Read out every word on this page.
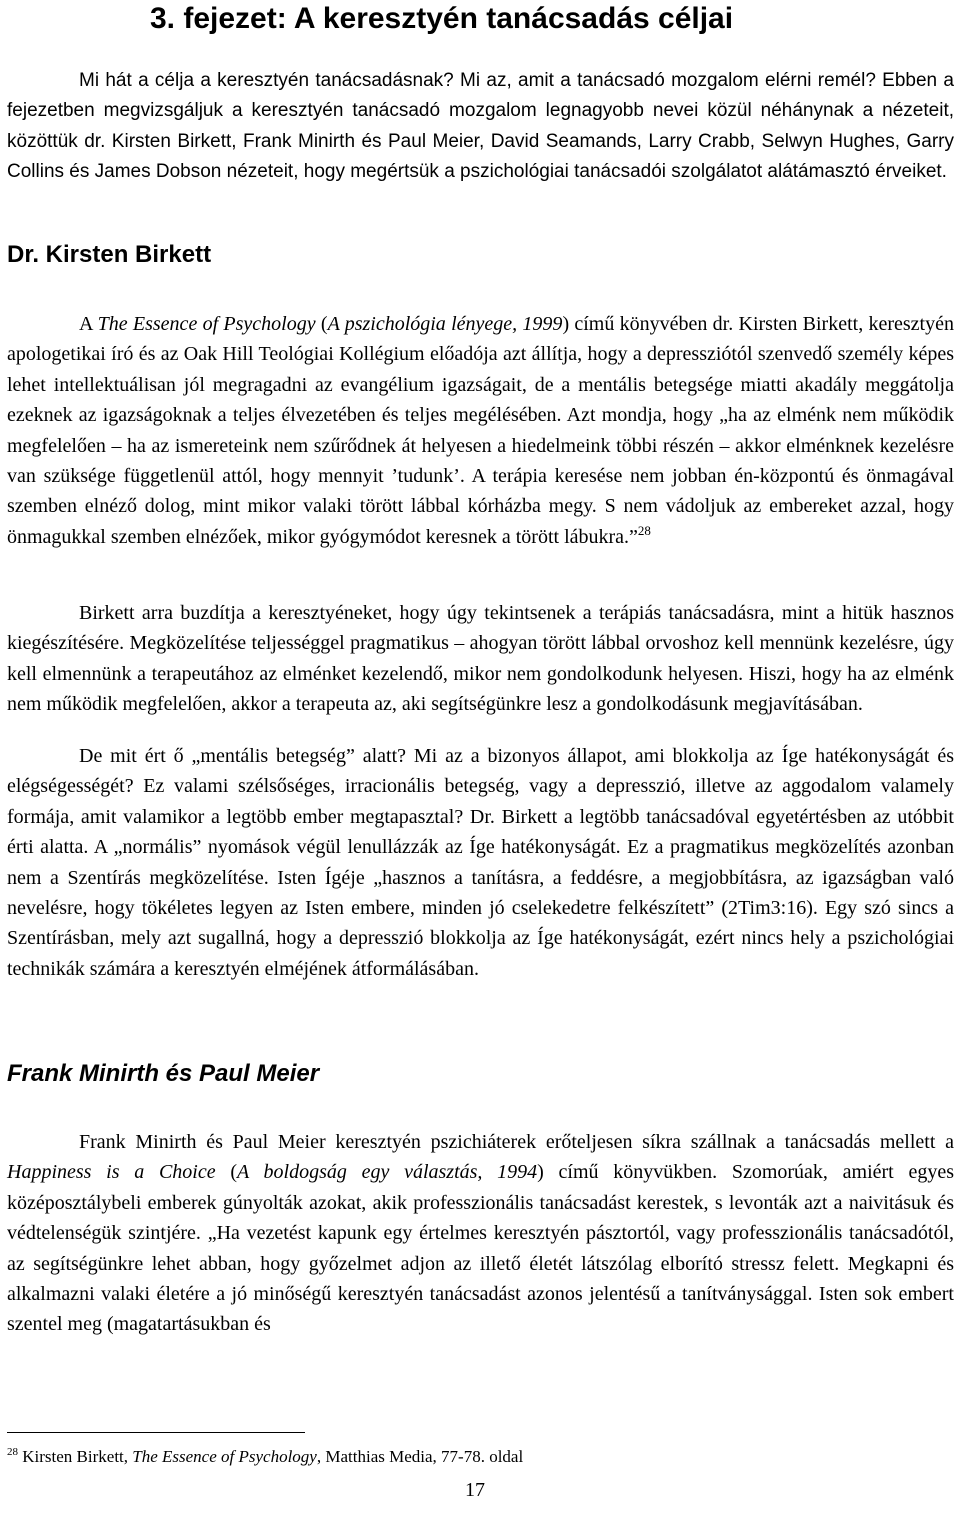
3. fejezet: A keresztyén tanácsadás céljai

Mi hát a célja a keresztyén tanácsadásnak? Mi az, amit a tanácsadó mozgalom elérni remél? Ebben a fejezetben megvizsgáljuk a keresztyén tanácsadó mozgalom legnagyobb nevei közül néhánynak a nézeteit, közöttük dr. Kirsten Birkett, Frank Minirth és Paul Meier, David Seamands, Larry Crabb, Selwyn Hughes, Garry Collins és James Dobson nézeteit, hogy megértsük a pszichológiai tanácsadói szolgálatot alátámasztó érveiket.

Dr. Kirsten Birkett

A The Essence of Psychology (A pszichológia lényege, 1999) című könyvében dr. Kirsten Birkett, keresztyén apologetikai író és az Oak Hill Teológiai Kollégium előadója azt állítja, hogy a depressziótól szenvedő személy képes lehet intellektuálisan jól megragadni az evangélium igazságait, de a mentális betegsége miatti akadály meggátolja ezeknek az igazságoknak a teljes élvezetében és teljes megélésében. Azt mondja, hogy „ha az elménk nem működik megfelelően – ha az ismereteink nem szűrődnek át helyesen a hiedelmeink többi részén – akkor elménknek kezelésre van szüksége függetlenül attól, hogy mennyit ’tudunk’. A terápia keresése nem jobban én-központú és önmagával szemben elnéző dolog, mint mikor valaki törött lábbal kórházba megy. S nem vádoljuk az embereket azzal, hogy önmagukkal szemben elnézőek, mikor gyógymódot keresnek a törött lábukra.”$^{28}$

Birkett arra buzdítja a keresztyéneket, hogy úgy tekintsenek a terápiás tanácsadásra, mint a hitük hasznos kiegészítésére. Megközelítése teljességgel pragmatikus – ahogyan törött lábbal orvoshoz kell mennünk kezelésre, úgy kell elmennünk a terapeutához az elménket kezelendő, mikor nem gondolkodunk helyesen. Hiszi, hogy ha az elménk nem működik megfelelően, akkor a terapeuta az, aki segítségünkre lesz a gondolkodásunk megjavításában.

De mit ért ő „mentális betegség” alatt? Mi az a bizonyos állapot, ami blokkolja az Íge hatékonyságát és elégségességét? Ez valami szélsőséges, irracionális betegség, vagy a depresszió, illetve az aggodalom valamely formája, amit valamikor a legtöbb ember megtapasztal? Dr. Birkett a legtöbb tanácsadóval egyetértésben az utóbbit érti alatta. A „normális” nyomások végül lenullázzák az Íge hatékonyságát. Ez a pragmatikus megközelítés azonban nem a Szentírás megközelítése. Isten Ígéje „hasznos a tanításra, a feddésre, a megjobbításra, az igazságban való nevelésre, hogy tökéletes legyen az Isten embere, minden jó cselekedetre felkészített” (2Tim3:16). Egy szó sincs a Szentírásban, mely azt sugallná, hogy a depresszió blokkolja az Íge hatékonyságát, ezért nincs hely a pszichológiai technikák számára a keresztyén elméjének átformálásában.

Frank Minirth és Paul Meier

Frank Minirth és Paul Meier keresztyén pszichiáterek erőteljesen síkra szállnak a tanácsadás mellett a Happiness is a Choice (A boldogság egy választás, 1994) című könyvükben. Szomorúak, amiért egyes középosztálybeli emberek gúnyolták azokat, akik professzionális tanácsadást kerestek, s levonták azt a naivitásuk és védtelenségük szintjére. „Ha vezetést kapunk egy értelmes keresztyén pásztortól, vagy professzionális tanácsadótól, az segítségünkre lehet abban, hogy győzelmet adjon az illető életét látszólag elborító stressz felett. Megkapni és alkalmazni valaki életére a jó minőségű keresztyén tanácsadást azonos jelentésű a tanítványsággal. Isten sok embert szentel meg (magatartásukban és

$^{28}$ Kirsten Birkett, The Essence of Psychology, Matthias Media, 77-78. oldal

17
